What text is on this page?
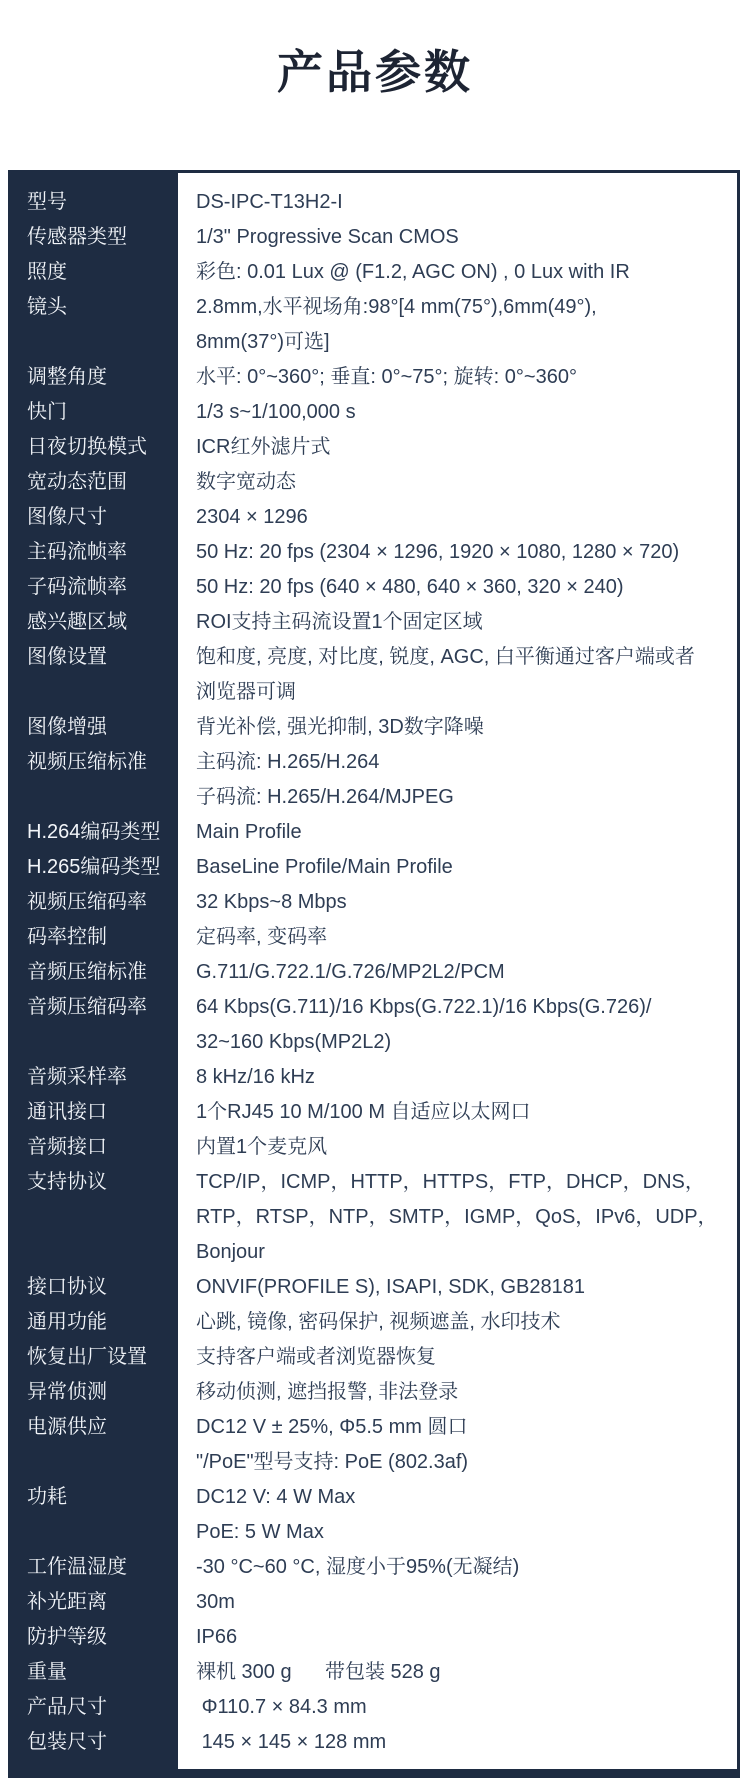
产品参数
型号	DS-IPC-T13H2-I
传感器类型	1/3" Progressive Scan CMOS
照度	彩色: 0.01 Lux @ (F1.2, AGC ON) , 0 Lux with IR
镜头	2.8mm,水平视场角:98°[4 mm(75°),6mm(49°),
8mm(37°)可选]
调整角度	水平: 0°~360°; 垂直: 0°~75°; 旋转: 0°~360°
快门	1/3 s~1/100,000 s
日夜切换模式	ICR红外滤片式
宽动态范围	数字宽动态
图像尺寸	2304 × 1296
主码流帧率	50 Hz: 20 fps (2304 × 1296, 1920 × 1080, 1280 × 720)
子码流帧率	50 Hz: 20 fps (640 × 480, 640 × 360, 320 × 240)
感兴趣区域	ROI支持主码流设置1个固定区域
图像设置	饱和度, 亮度, 对比度, 锐度, AGC, 白平衡通过客户端或者
浏览器可调
图像增强	背光补偿, 强光抑制, 3D数字降噪
视频压缩标准	主码流: H.265/H.264
子码流: H.265/H.264/MJPEG
H.264编码类型	Main Profile
H.265编码类型	BaseLine Profile/Main Profile
视频压缩码率	32 Kbps~8 Mbps
码率控制	定码率, 变码率
音频压缩标准	G.711/G.722.1/G.726/MP2L2/PCM
音频压缩码率	64 Kbps(G.711)/16 Kbps(G.722.1)/16 Kbps(G.726)/
32~160 Kbps(MP2L2)
音频采样率	8 kHz/16 kHz
通讯接口	1个RJ45 10 M/100 M 自适应以太网口
音频接口	内置1个麦克风
支持协议	TCP/IP，ICMP，HTTP，HTTPS，FTP，DHCP，DNS，
RTP，RTSP，NTP，SMTP，IGMP，QoS，IPv6，UDP，
Bonjour
接口协议	ONVIF(PROFILE S), ISAPI, SDK, GB28181
通用功能	心跳, 镜像, 密码保护, 视频遮盖, 水印技术
恢复出厂设置	支持客户端或者浏览器恢复
异常侦测	移动侦测, 遮挡报警, 非法登录
电源供应	DC12 V ± 25%, Φ5.5 mm 圆口
"/PoE"型号支持: PoE (802.3af)
功耗	DC12 V: 4 W Max
PoE: 5 W Max
工作温湿度	-30 °C~60 °C, 湿度小于95%(无凝结)
补光距离	30m
防护等级	IP66
重量	裸机 300 g      带包装 528 g
产品尺寸	Φ110.7 × 84.3 mm
包装尺寸	145 × 145 × 128 mm
